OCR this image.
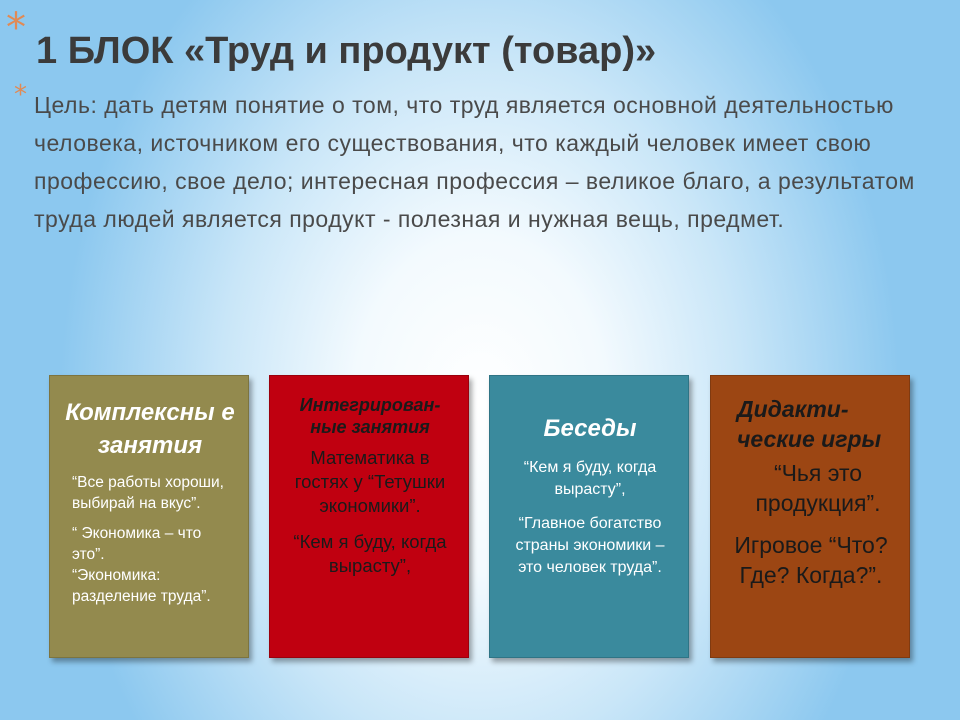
* 1 БЛОК «Труд и продукт (товар)»
* Цель: дать детям понятие о том, что труд является основной деятельностью человека, источником его существования, что каждый человек имеет свою профессию, свое дело; интересная профессия – великое благо, а результатом труда людей является продукт - полезная и нужная вещь, предмет.
Комплексны е занятия
“Все работы хороши, выбирай на вкус”.
“ Экономика – что это”.
“Экономика: разделение труда”.
Интегрирован-ные занятия
Математика в гостях у “Тетушки экономики”.
“Кем я буду, когда вырасту”,
Беседы
“Кем я буду, когда вырасту”,
“Главное богатство страны экономики – это человек труда”.
Дидакти-ческие игры
“Чья это продукция”.
Игровое “Что? Где? Когда?”.
